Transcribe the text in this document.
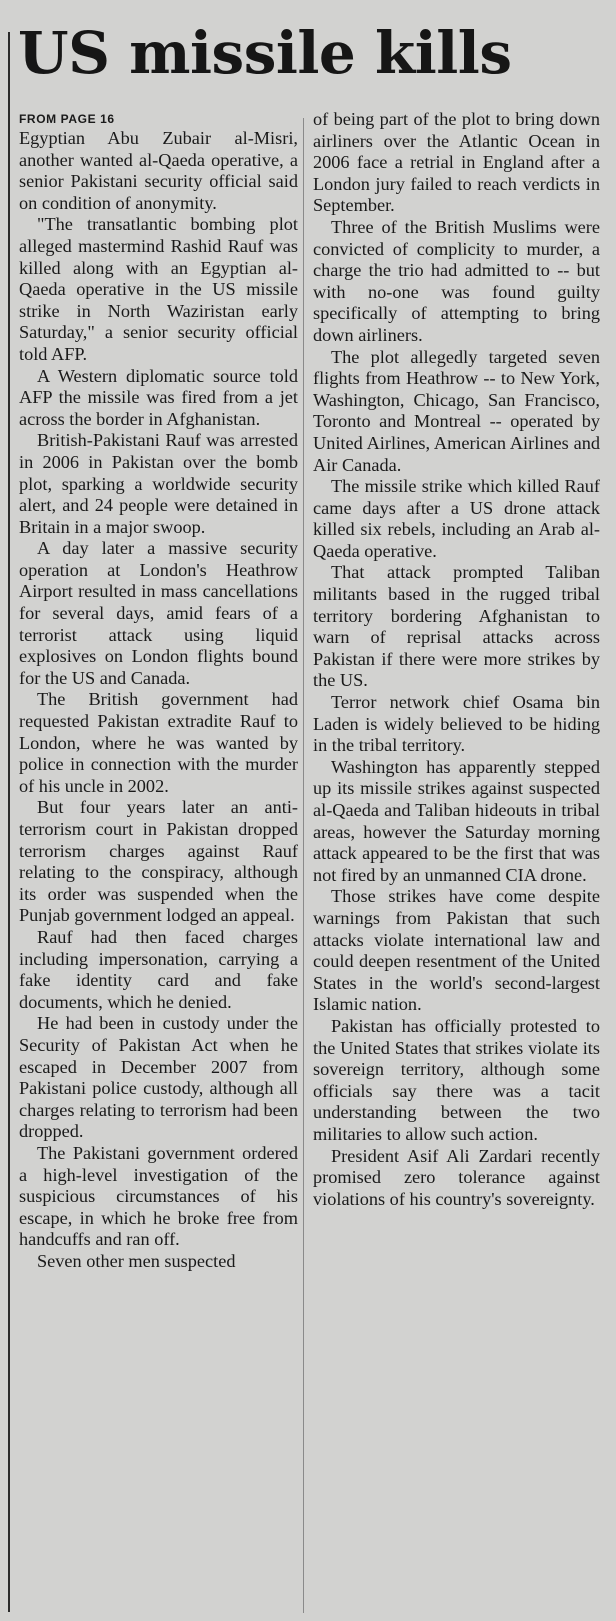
US missile kills
FROM PAGE 16

Egyptian Abu Zubair al-Misri, another wanted al-Qaeda operative, a senior Pakistani security official said on condition of anonymity.

"The transatlantic bombing plot alleged mastermind Rashid Rauf was killed along with an Egyptian al-Qaeda operative in the US missile strike in North Waziristan early Saturday," a senior security official told AFP.

A Western diplomatic source told AFP the missile was fired from a jet across the border in Afghanistan.

British-Pakistani Rauf was arrested in 2006 in Pakistan over the bomb plot, sparking a worldwide security alert, and 24 people were detained in Britain in a major swoop.

A day later a massive security operation at London's Heathrow Airport resulted in mass cancellations for several days, amid fears of a terrorist attack using liquid explosives on London flights bound for the US and Canada.

The British government had requested Pakistan extradite Rauf to London, where he was wanted by police in connection with the murder of his uncle in 2002.

But four years later an anti-terrorism court in Pakistan dropped terrorism charges against Rauf relating to the conspiracy, although its order was suspended when the Punjab government lodged an appeal.

Rauf had then faced charges including impersonation, carrying a fake identity card and fake documents, which he denied.

He had been in custody under the Security of Pakistan Act when he escaped in December 2007 from Pakistani police custody, although all charges relating to terrorism had been dropped.

The Pakistani government ordered a high-level investigation of the suspicious circumstances of his escape, in which he broke free from handcuffs and ran off.

Seven other men suspected

of being part of the plot to bring down airliners over the Atlantic Ocean in 2006 face a retrial in England after a London jury failed to reach verdicts in September.

Three of the British Muslims were convicted of complicity to murder, a charge the trio had admitted to -- but with no-one was found guilty specifically of attempting to bring down airliners.

The plot allegedly targeted seven flights from Heathrow -- to New York, Washington, Chicago, San Francisco, Toronto and Montreal -- operated by United Airlines, American Airlines and Air Canada.

The missile strike which killed Rauf came days after a US drone attack killed six rebels, including an Arab al-Qaeda operative.

That attack prompted Taliban militants based in the rugged tribal territory bordering Afghanistan to warn of reprisal attacks across Pakistan if there were more strikes by the US.

Terror network chief Osama bin Laden is widely believed to be hiding in the tribal territory.

Washington has apparently stepped up its missile strikes against suspected al-Qaeda and Taliban hideouts in tribal areas, however the Saturday morning attack appeared to be the first that was not fired by an unmanned CIA drone.

Those strikes have come despite warnings from Pakistan that such attacks violate international law and could deepen resentment of the United States in the world's second-largest Islamic nation.

Pakistan has officially protested to the United States that strikes violate its sovereign territory, although some officials say there was a tacit understanding between the two militaries to allow such action.

President Asif Ali Zardari recently promised zero tolerance against violations of his country's sovereignty.
